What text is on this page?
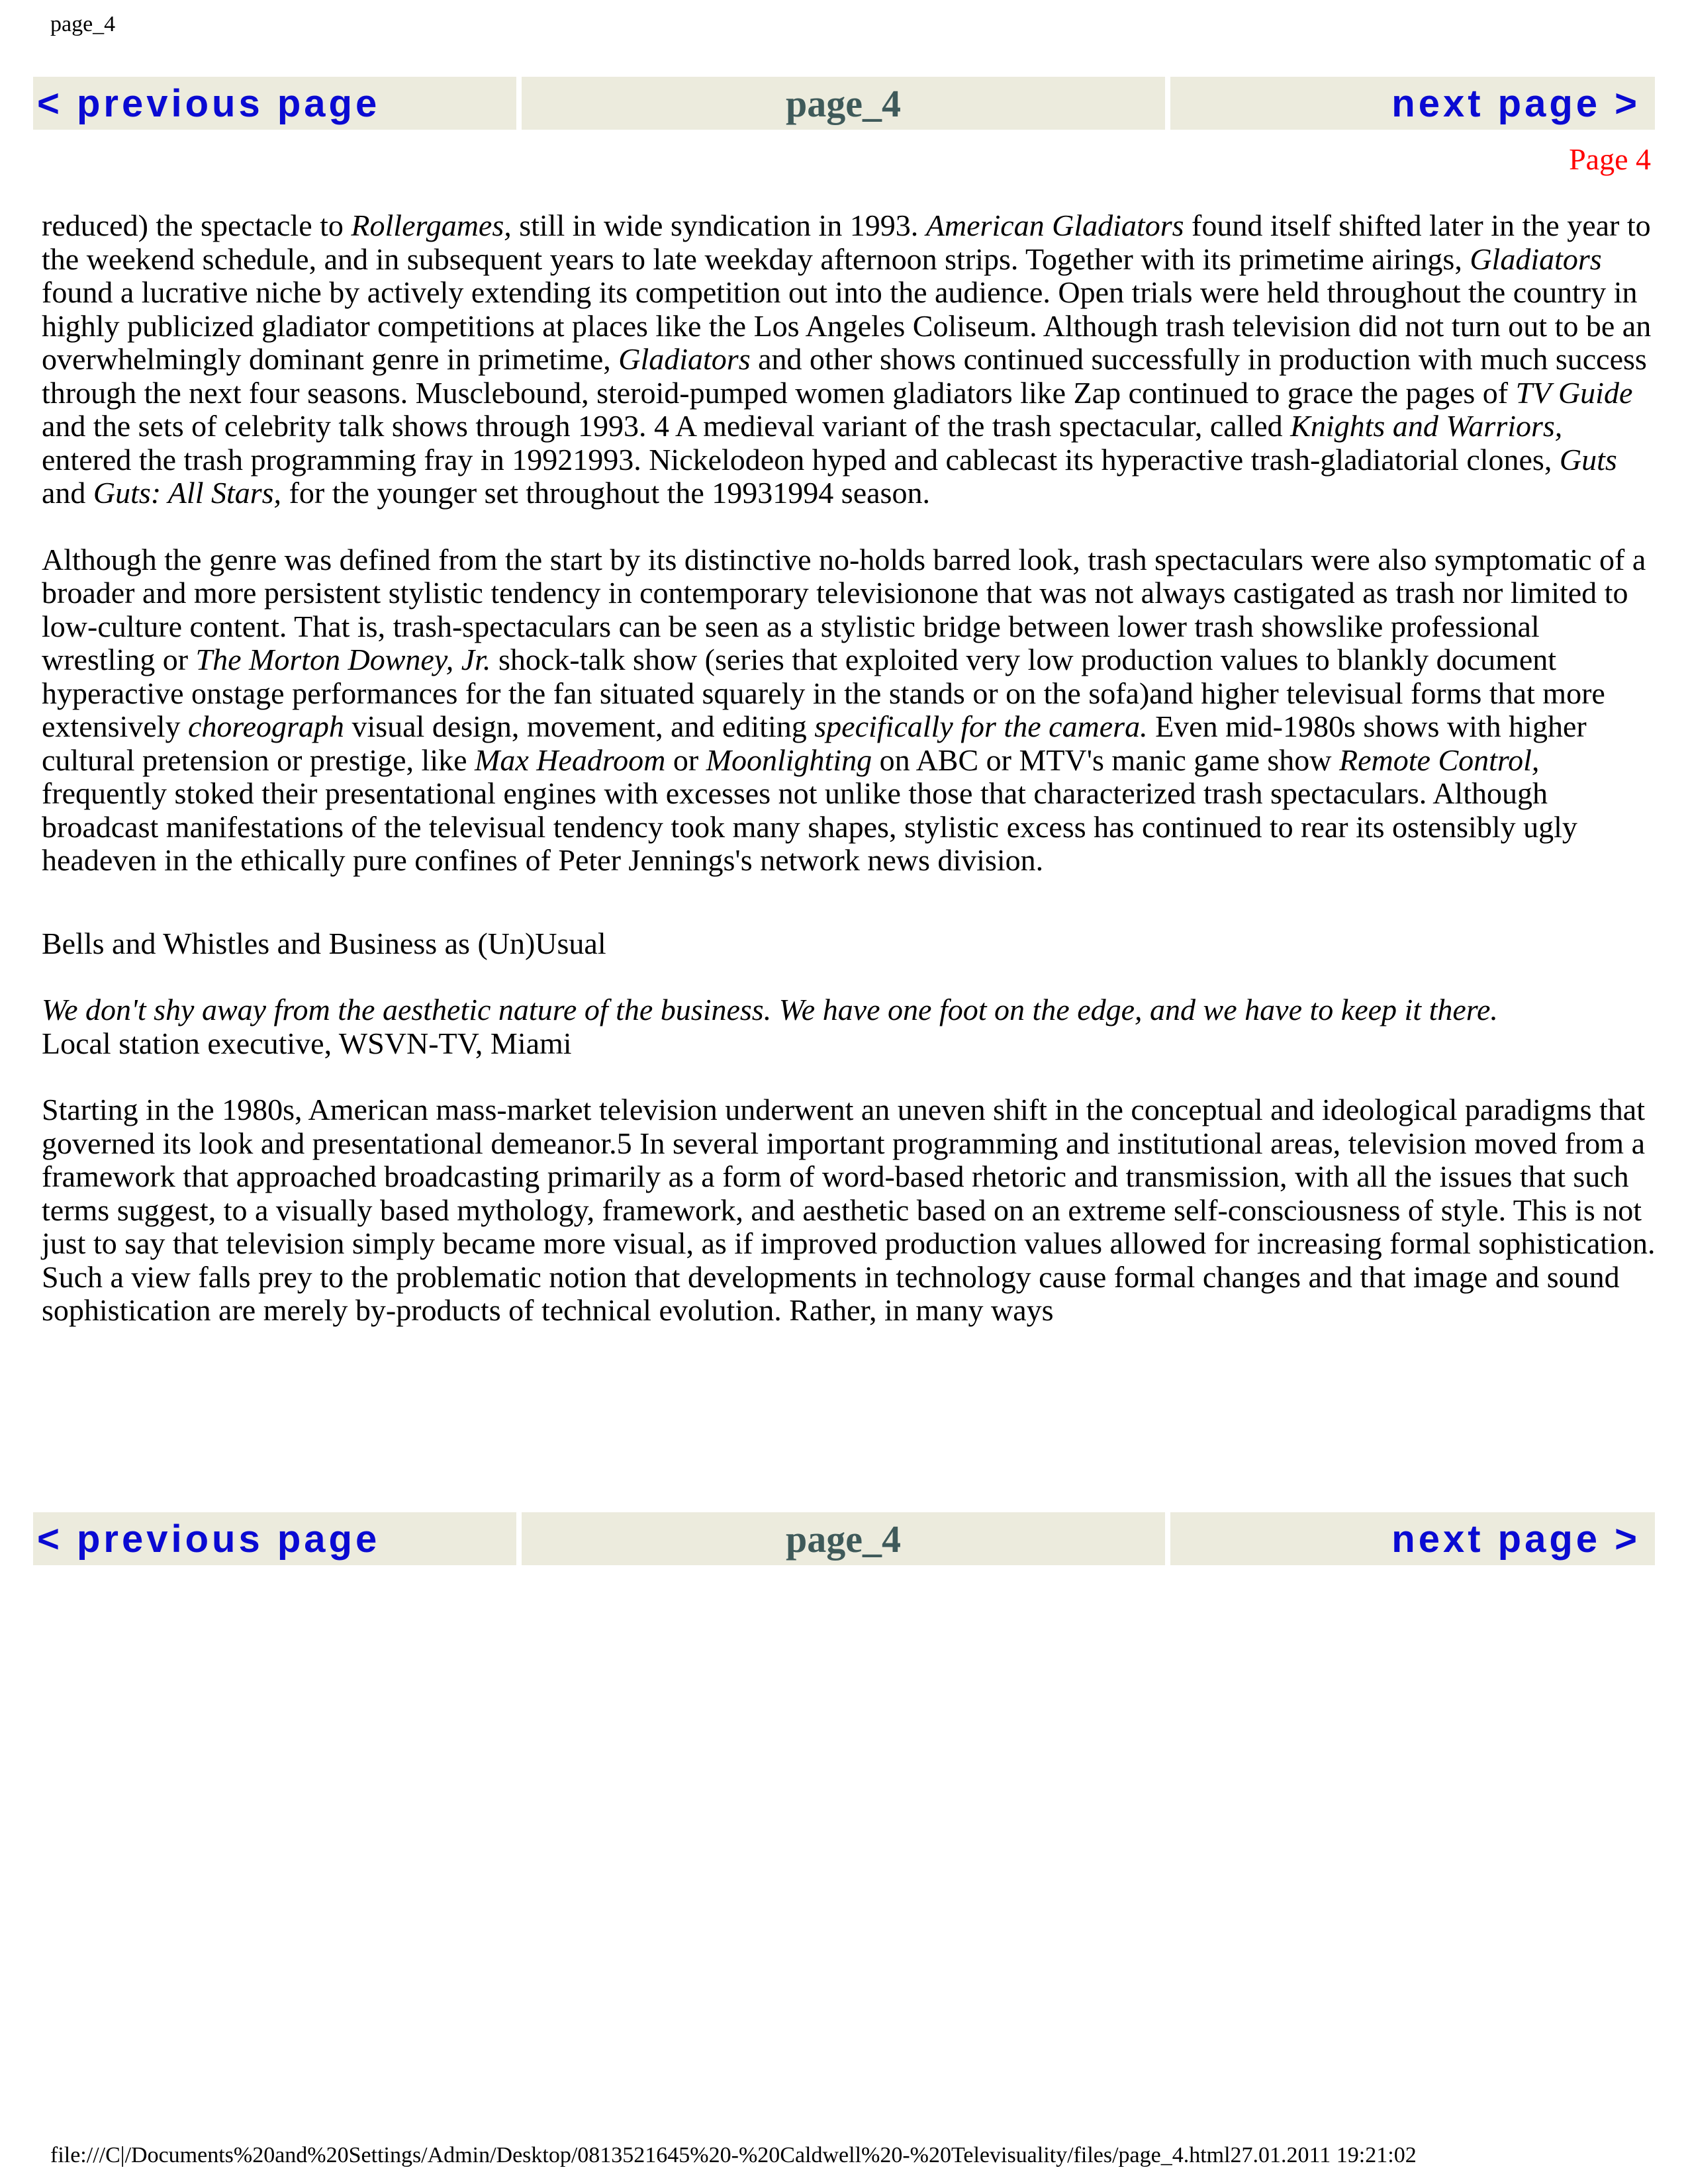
page_4
< previous page	page_4	next page >
Page 4

reduced) the spectacle to Rollergames, still in wide syndication in 1993. American Gladiators found itself shifted later in the year to the weekend schedule, and in subsequent years to late weekday afternoon strips. Together with its primetime airings, Gladiators found a lucrative niche by actively extending its competition out into the audience. Open trials were held throughout the country in highly publicized gladiator competitions at places like the Los Angeles Coliseum. Although trash television did not turn out to be an overwhelmingly dominant genre in primetime, Gladiators and other shows continued successfully in production with much success through the next four seasons. Musclebound, steroid-pumped women gladiators like Zap continued to grace the pages of TV Guide and the sets of celebrity talk shows through 1993. 4 A medieval variant of the trash spectacular, called Knights and Warriors, entered the trash programming fray in 19921993. Nickelodeon hyped and cablecast its hyperactive trash-gladiatorial clones, Guts and Guts: All Stars, for the younger set throughout the 19931994 season.

Although the genre was defined from the start by its distinctive no-holds barred look, trash spectaculars were also symptomatic of a broader and more persistent stylistic tendency in contemporary televisionone that was not always castigated as trash nor limited to low-culture content. That is, trash-spectaculars can be seen as a stylistic bridge between lower trash showslike professional wrestling or The Morton Downey, Jr. shock-talk show (series that exploited very low production values to blankly document hyperactive onstage performances for the fan situated squarely in the stands or on the sofa)and higher televisual forms that more extensively choreograph visual design, movement, and editing specifically for the camera. Even mid-1980s shows with higher cultural pretension or prestige, like Max Headroom or Moonlighting on ABC or MTV's manic game show Remote Control, frequently stoked their presentational engines with excesses not unlike those that characterized trash spectaculars. Although broadcast manifestations of the televisual tendency took many shapes, stylistic excess has continued to rear its ostensibly ugly headeven in the ethically pure confines of Peter Jennings's network news division.

Bells and Whistles and Business as (Un)Usual

We don't shy away from the aesthetic nature of the business. We have one foot on the edge, and we have to keep it there.

Local station executive, WSVN-TV, Miami

Starting in the 1980s, American mass-market television underwent an uneven shift in the conceptual and ideological paradigms that governed its look and presentational demeanor.5 In several important programming and institutional areas, television moved from a framework that approached broadcasting primarily as a form of word-based rhetoric and transmission, with all the issues that such terms suggest, to a visually based mythology, framework, and aesthetic based on an extreme self-consciousness of style. This is not just to say that television simply became more visual, as if improved production values allowed for increasing formal sophistication. Such a view falls prey to the problematic notion that developments in technology cause formal changes and that image and sound sophistication are merely by-products of technical evolution. Rather, in many ways

< previous page	page_4	next page >
file:///C|/Documents%20and%20Settings/Admin/Desktop/0813521645%20-%20Caldwell%20-%20Televisuality/files/page_4.html27.01.2011 19:21:02
